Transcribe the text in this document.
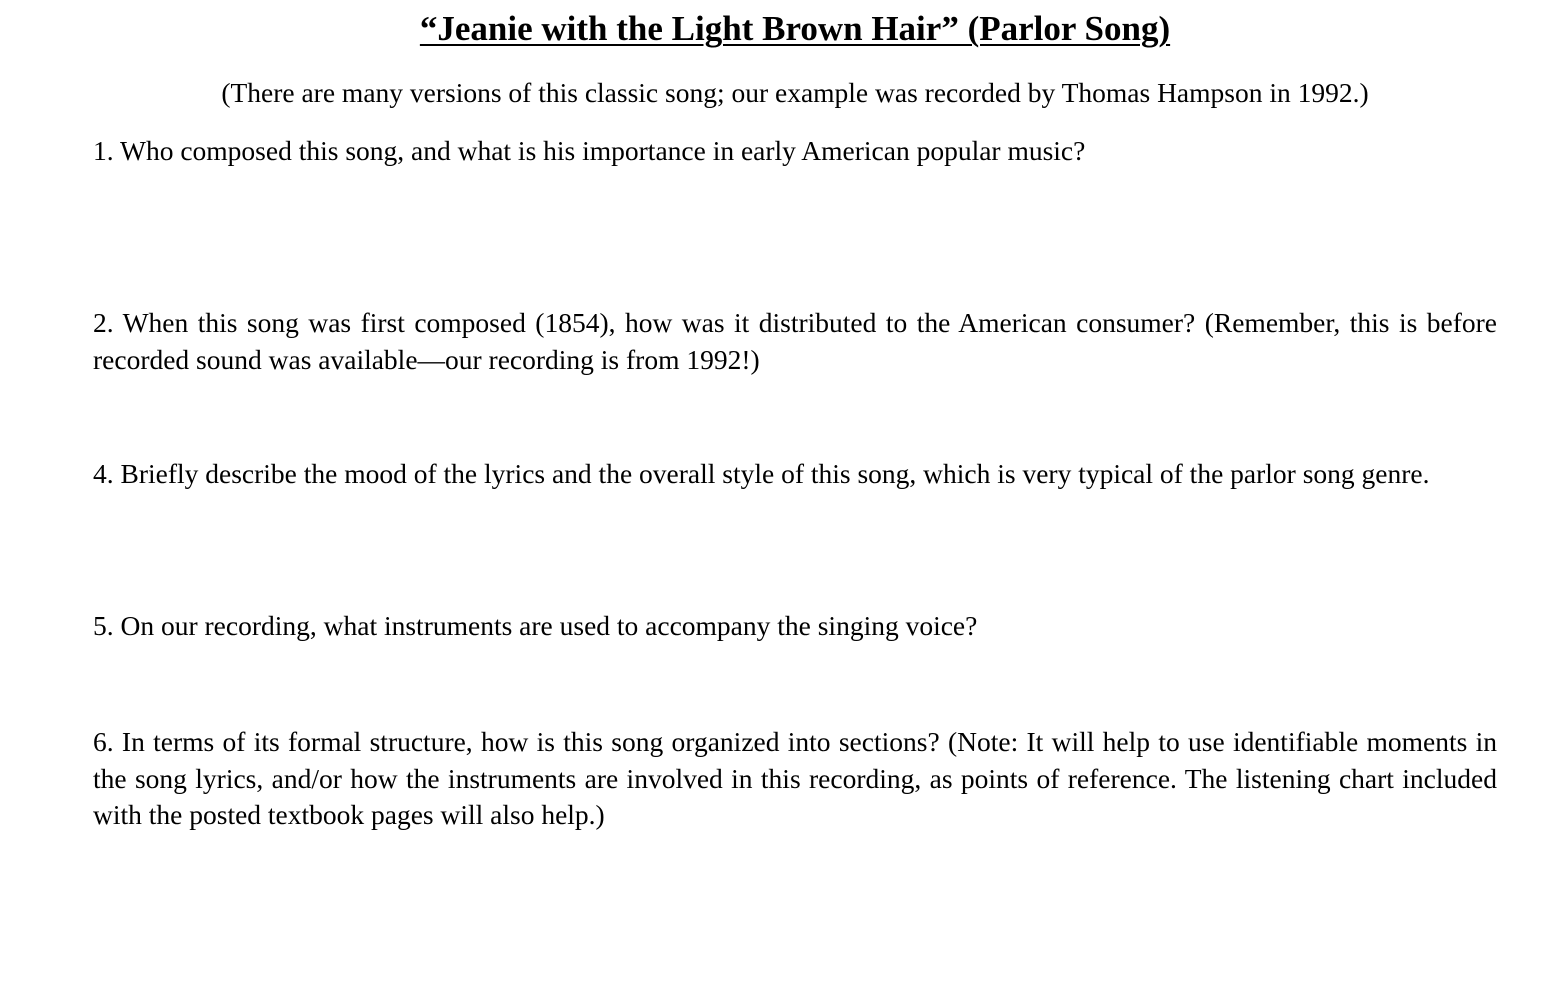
“Jeanie with the Light Brown Hair” (Parlor Song)

(There are many versions of this classic song; our example was recorded by Thomas Hampson in 1992.)

1. Who composed this song, and what is his importance in early American popular music?

2. When this song was first composed (1854), how was it distributed to the American consumer? (Remember, this is before recorded sound was available—our recording is from 1992!)

4. Briefly describe the mood of the lyrics and the overall style of this song, which is very typical of the parlor song genre.

5. On our recording, what instruments are used to accompany the singing voice?

6. In terms of its formal structure, how is this song organized into sections? (Note: It will help to use identifiable moments in the song lyrics, and/or how the instruments are involved in this recording, as points of reference. The listening chart included with the posted textbook pages will also help.)
